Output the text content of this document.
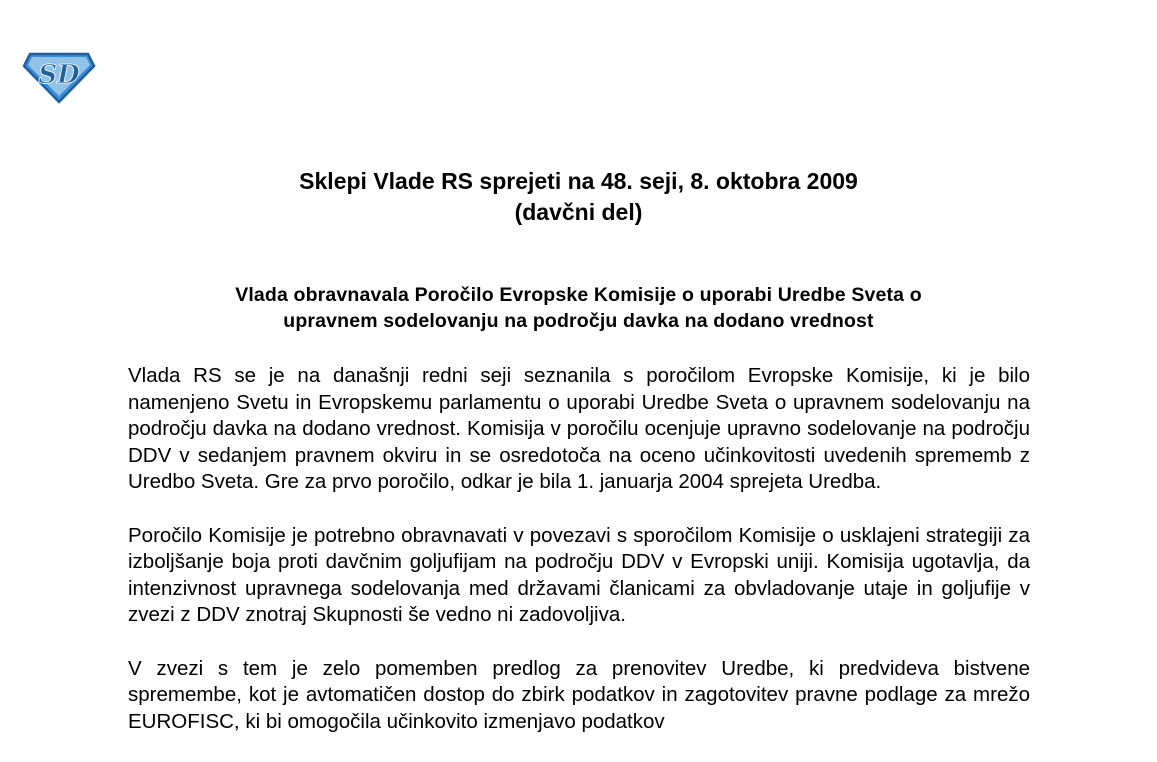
SD
Sklepi Vlade RS sprejeti na 48. seji, 8. oktobra 2009
(davčni del)
Vlada obravnavala Poročilo Evropske Komisije o uporabi Uredbe Sveta o
upravnem sodelovanju na področju davka na dodano vrednost

Vlada RS se je na današnji redni seji seznanila s poročilom Evropske Komisije, ki je bilo namenjeno Svetu in Evropskemu parlamentu o uporabi Uredbe Sveta o upravnem sodelovanju na področju davka na dodano vrednost. Komisija v poročilu ocenjuje upravno sodelovanje na področju DDV v sedanjem pravnem okviru in se osredotoča na oceno učinkovitosti uvedenih sprememb z Uredbo Sveta. Gre za prvo poročilo, odkar je bila 1. januarja 2004 sprejeta Uredba.

Poročilo Komisije je potrebno obravnavati v povezavi s sporočilom Komisije o usklajeni strategiji za izboljšanje boja proti davčnim goljufijam na področju DDV v Evropski uniji. Komisija ugotavlja, da intenzivnost upravnega sodelovanja med državami članicami za obvladovanje utaje in goljufije v zvezi z DDV znotraj Skupnosti še vedno ni zadovoljiva.

V zvezi s tem je zelo pomemben predlog za prenovitev Uredbe, ki predvideva bistvene spremembe, kot je avtomatičen dostop do zbirk podatkov in zagotovitev pravne podlage za mrežo EUROFISC, ki bi omogočila učinkovito izmenjavo podatkov
